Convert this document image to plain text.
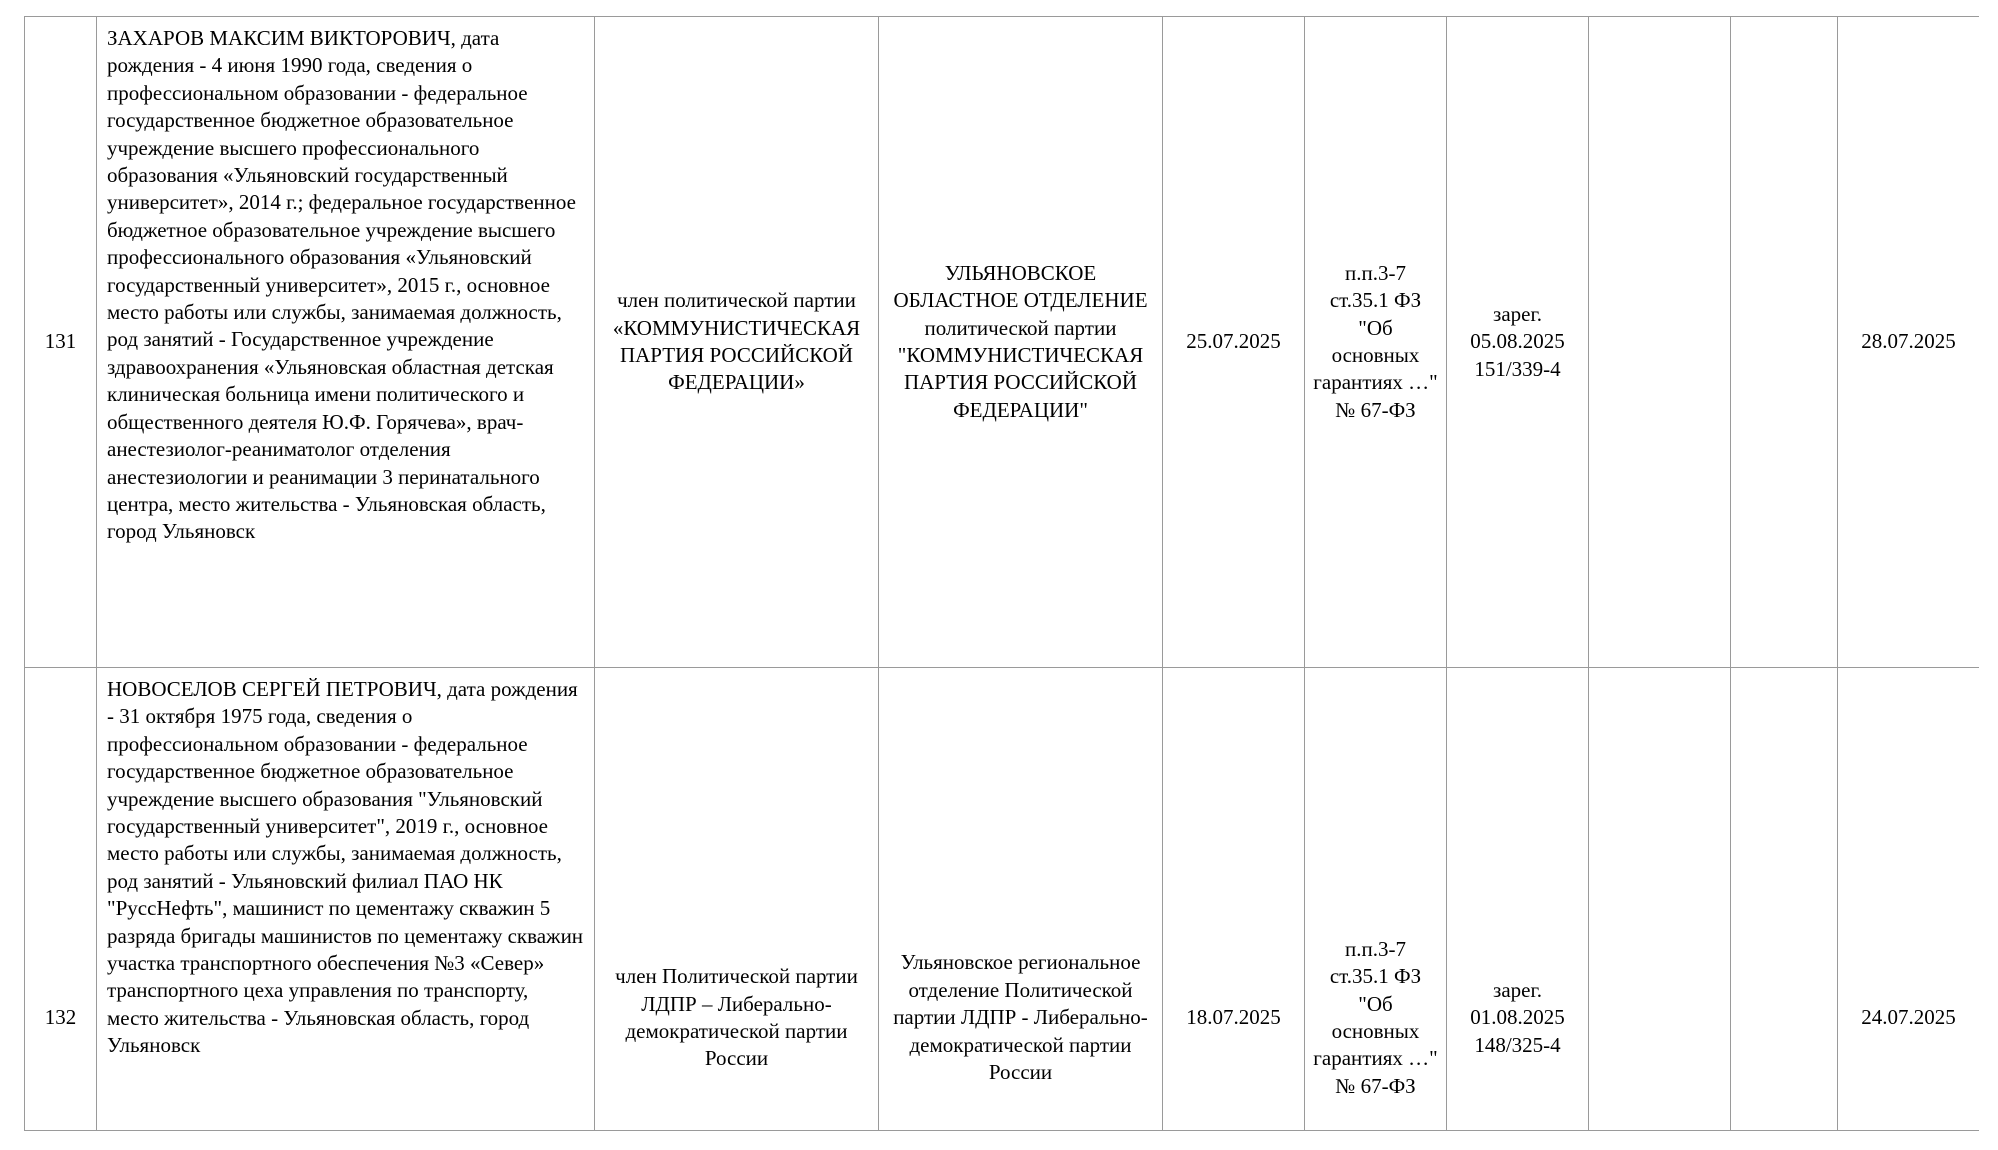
131	ЗАХАРОВ МАКСИМ ВИКТОРОВИЧ, дата рождения - 4 июня 1990 года, сведения о профессиональном образовании - федеральное государственное бюджетное образовательное учреждение высшего профессионального образования «Ульяновский государственный университет», 2014 г.; федеральное государственное бюджетное образовательное учреждение высшего профессионального образования «Ульяновский государственный университет», 2015 г., основное место работы или службы, занимаемая должность, род занятий - Государственное учреждение здравоохранения «Ульяновская областная детская клиническая больница имени политического и общественного деятеля Ю.Ф. Горячева», врач-анестезиолог-реаниматолог отделения анестезиологии и реанимации 3 перинатального центра, место жительства - Ульяновская область, город Ульяновск	член политической партии «КОММУНИСТИЧЕСКАЯ ПАРТИЯ РОССИЙСКОЙ ФЕДЕРАЦИИ»	УЛЬЯНОВСКОЕ ОБЛАСТНОЕ ОТДЕЛЕНИЕ политической партии "КОММУНИСТИЧЕСКАЯ ПАРТИЯ РОССИЙСКОЙ ФЕДЕРАЦИИ"	25.07.2025	п.п.3-7 ст.35.1 ФЗ "Об основных гарантиях …" № 67-ФЗ	зарег. 05.08.2025 151/339-4			28.07.2025

132	НОВОСЕЛОВ СЕРГЕЙ ПЕТРОВИЧ, дата рождения - 31 октября 1975 года, сведения о профессиональном образовании - федеральное государственное бюджетное образовательное учреждение высшего образования "Ульяновский государственный университет", 2019 г., основное место работы или службы, занимаемая должность, род занятий - Ульяновский филиал ПАО НК "РуссНефть", машинист по цементажу скважин 5 разряда бригады машинистов по цементажу скважин участка транспортного обеспечения №3 «Север» транспортного цеха управления по транспорту, место жительства - Ульяновская область, город Ульяновск	член Политической партии ЛДПР – Либерально-демократической партии России	Ульяновское региональное отделение Политической партии ЛДПР - Либерально-демократической партии России	18.07.2025	п.п.3-7 ст.35.1 ФЗ "Об основных гарантиях …" № 67-ФЗ	зарег. 01.08.2025 148/325-4			24.07.2025
